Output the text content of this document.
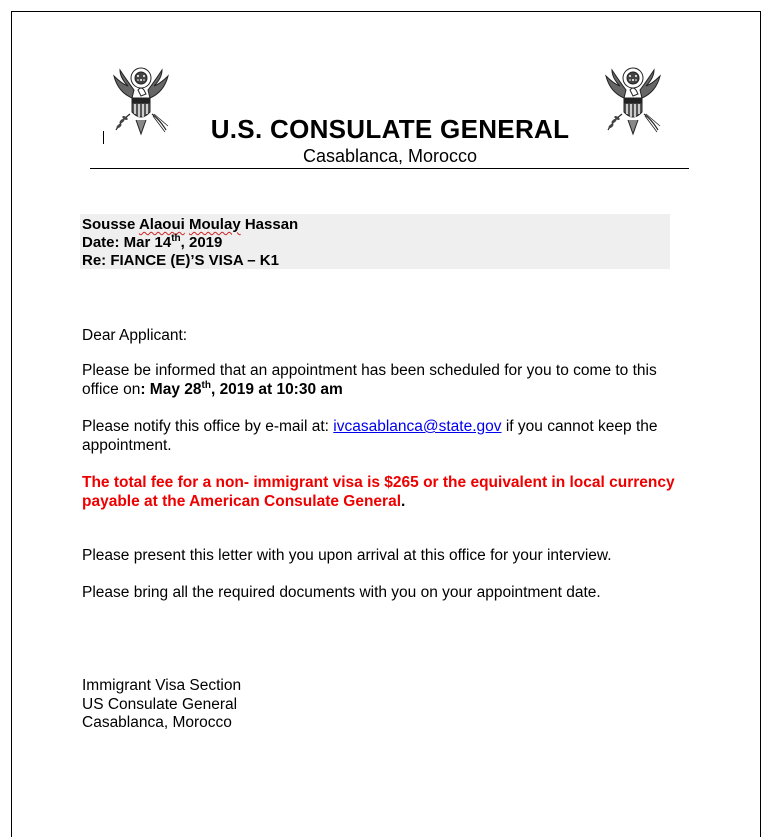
U.S. CONSULATE GENERAL
Casablanca, Morocco
Sousse Alaoui Moulay Hassan
Date: Mar 14th, 2019
Re: FIANCE (E)’S VISA – K1
Dear Applicant:
Please be informed that an appointment has been scheduled for you to come to this office on: May 28th, 2019 at 10:30 am
Please notify this office by e-mail at: ivcasablanca@state.gov if you cannot keep the appointment.
The total fee for a non- immigrant visa is $265 or the equivalent in local currency payable at the American Consulate General.
Please present this letter with you upon arrival at this office for your interview.
Please bring all the required documents with you on your appointment date.
Immigrant Visa Section
US Consulate General
Casablanca, Morocco
